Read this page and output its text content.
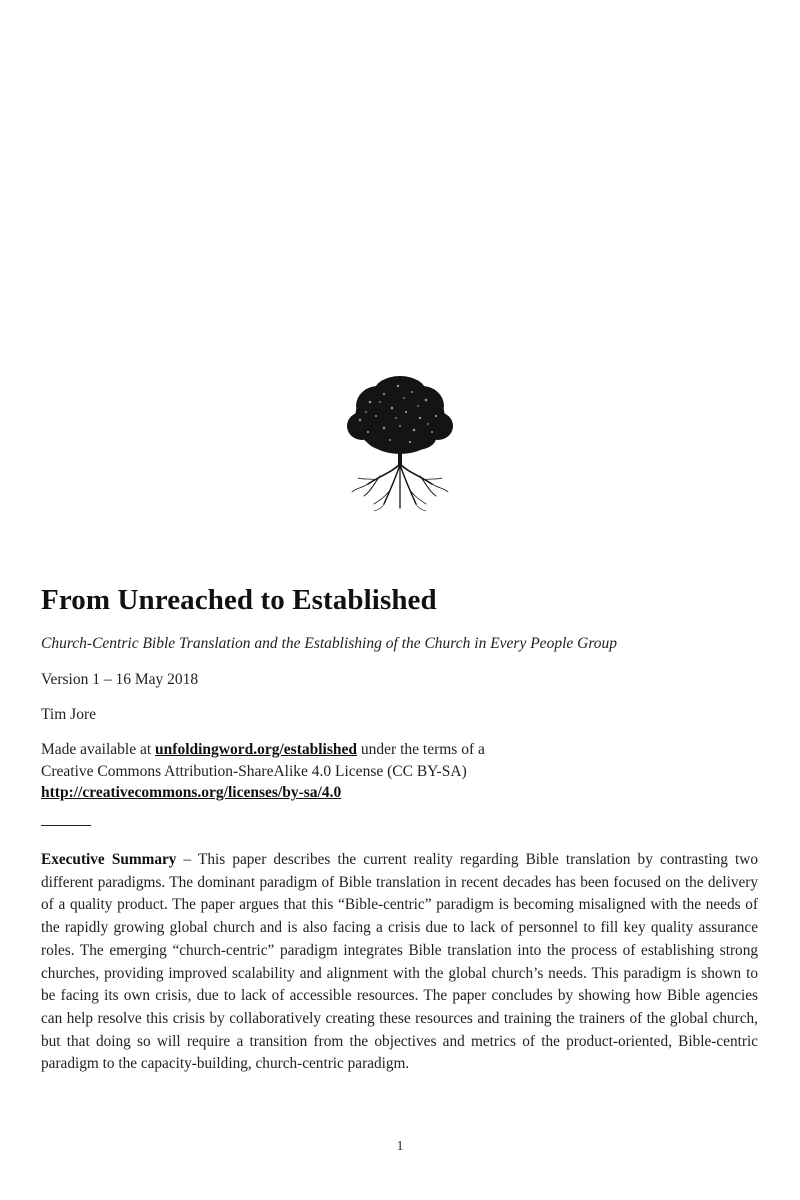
From Unreached to Established

Church-Centric Bible Translation and the Establishing of the Church in Every People Group

Version 1 – 16 May 2018
Tim Jore
Made available at unfoldingword.org/established under the terms of a
Creative Commons Attribution-ShareAlike 4.0 License (CC BY-SA)
http://creativecommons.org/licenses/by-sa/4.0

Executive Summary – This paper describes the current reality regarding Bible translation by contrasting two different paradigms. The dominant paradigm of Bible translation in recent decades has been focused on the delivery of a quality product. The paper argues that this “Bible-centric” paradigm is becoming misaligned with the needs of the rapidly growing global church and is also facing a crisis due to lack of personnel to fill key quality assurance roles. The emerging “church-centric” paradigm integrates Bible translation into the process of establishing strong churches, providing improved scalability and alignment with the global church’s needs. This paradigm is shown to be facing its own crisis, due to lack of accessible resources. The paper concludes by showing how Bible agencies can help resolve this crisis by collaboratively creating these resources and training the trainers of the global church, but that doing so will require a transition from the objectives and metrics of the product-oriented, Bible-centric paradigm to the capacity-building, church-centric paradigm.

1
